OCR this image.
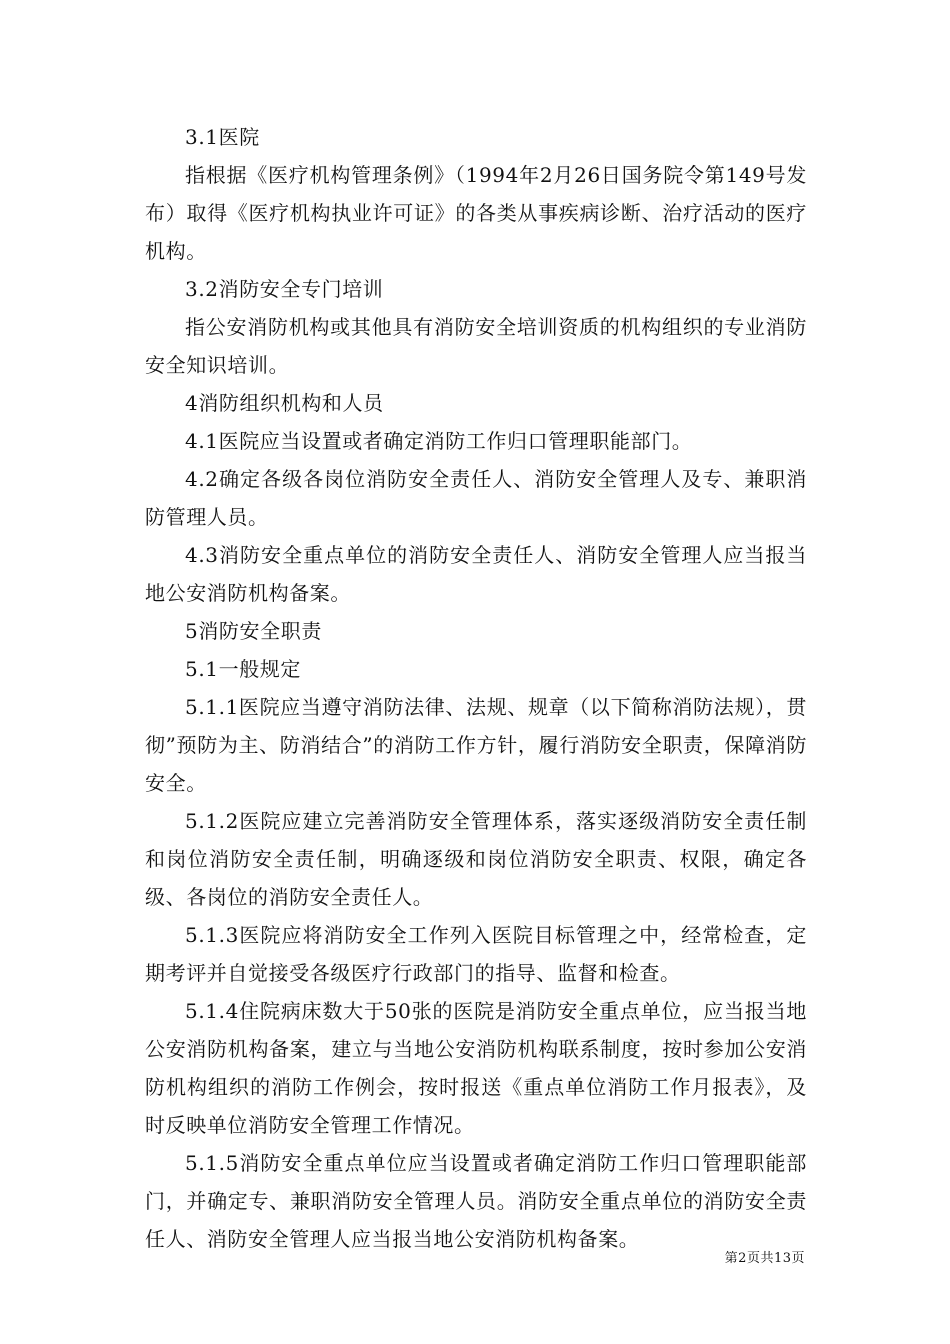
3.1医院

指根据《医疗机构管理条例》（1994年2月26日国务院令第149号发布）取得《医疗机构执业许可证》的各类从事疾病诊断、治疗活动的医疗机构。

3.2消防安全专门培训

指公安消防机构或其他具有消防安全培训资质的机构组织的专业消防安全知识培训。

4消防组织机构和人员

4.1医院应当设置或者确定消防工作归口管理职能部门。

4.2确定各级各岗位消防安全责任人、消防安全管理人及专、兼职消防管理人员。

4.3消防安全重点单位的消防安全责任人、消防安全管理人应当报当地公安消防机构备案。

5消防安全职责

5.1一般规定

5.1.1医院应当遵守消防法律、法规、规章（以下简称消防法规），贯彻”预防为主、防消结合”的消防工作方针，履行消防安全职责，保障消防安全。

5.1.2医院应建立完善消防安全管理体系，落实逐级消防安全责任制和岗位消防安全责任制，明确逐级和岗位消防安全职责、权限，确定各级、各岗位的消防安全责任人。

5.1.3医院应将消防安全工作列入医院目标管理之中，经常检查，定期考评并自觉接受各级医疗行政部门的指导、监督和检查。

5.1.4住院病床数大于50张的医院是消防安全重点单位，应当报当地公安消防机构备案，建立与当地公安消防机构联系制度，按时参加公安消防机构组织的消防工作例会，按时报送《重点单位消防工作月报表》，及时反映单位消防安全管理工作情况。

5.1.5消防安全重点单位应当设置或者确定消防工作归口管理职能部门，并确定专、兼职消防安全管理人员。消防安全重点单位的消防安全责任人、消防安全管理人应当报当地公安消防机构备案。

第2页共13页
